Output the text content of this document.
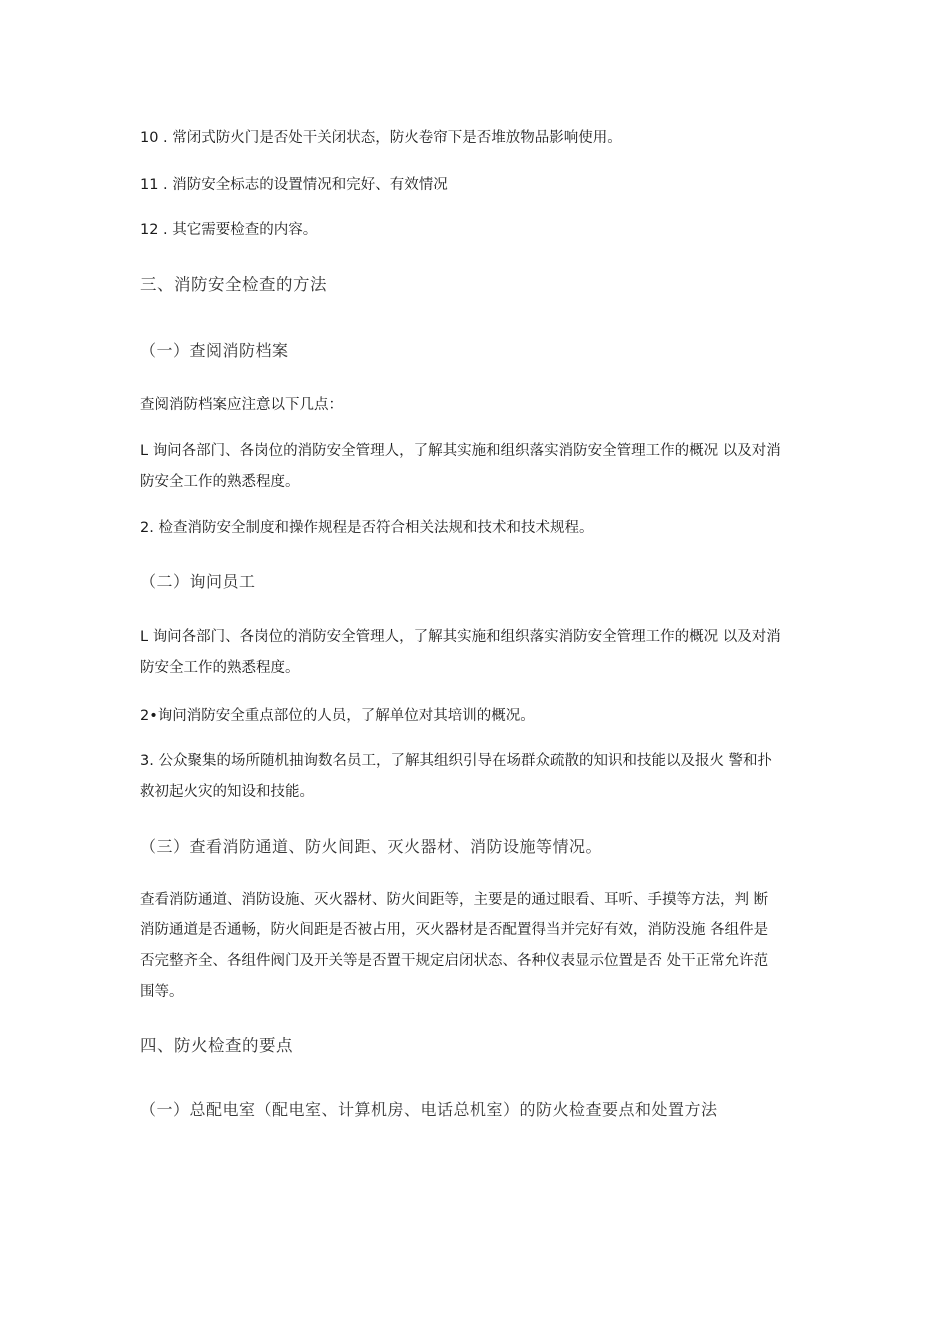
10 . 常闭式防火门是否处干关闭状态，防火卷帘下是否堆放物品影响使用。
11 . 消防安全标志的设置情况和完好、有效情况
12 . 其它需要检查的内容。
三、消防安全检查的方法
（一）查阅消防档案
查阅消防档案应注意以下几点：
L 询问各部门、各岗位的消防安全管理人，了解其实施和组织落实消防安全管理工作的概况 以及对消
防安全工作的熟悉程度。
2. 检查消防安全制度和操作规程是否符合相关法规和技术和技术规程。
（二）询问员工
L 询问各部门、各岗位的消防安全管理人，了解其实施和组织落实消防安全管理工作的概况 以及对消
防安全工作的熟悉程度。
2•询问消防安全重点部位的人员，了解单位对其培训的概况。
3. 公众聚集的场所随机抽询数名员工，了解其组织引导在场群众疏散的知识和技能以及报火 警和扑
救初起火灾的知设和技能。
（三）查看消防通道、防火间距、灭火器材、消防设施等情况。
查看消防通道、消防设施、灭火器材、防火间距等，主要是的通过眼看、耳听、手摸等方法，判 断
消防通道是否通畅，防火间距是否被占用，灭火器材是否配置得当并完好有效，消防没施 各组件是
否完整齐全、各组件阀门及开关等是否置干规定启闭状态、各种仪表显示位置是否 处干正常允许范
围等。
四、防火检查的要点
（一）总配电室（配电室、计算机房、电话总机室）的防火检查要点和处置方法
